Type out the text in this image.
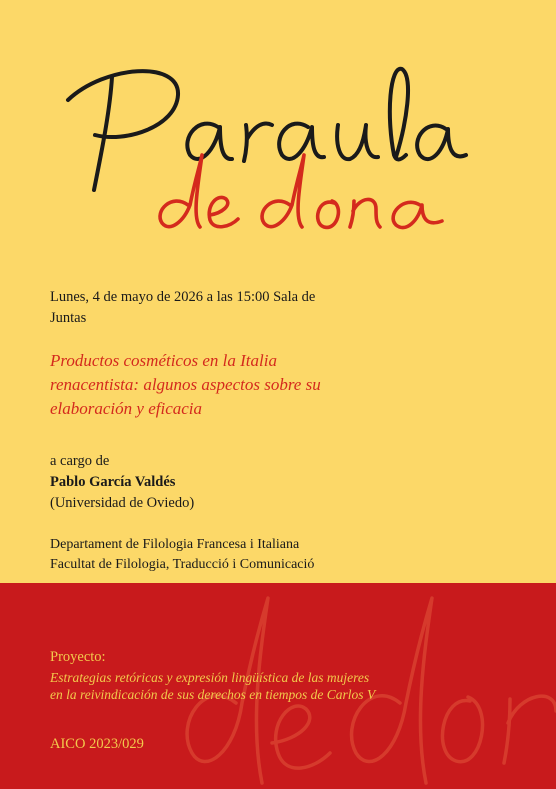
Lunes, 4 de mayo de 2026 a las 15:00 Sala de Juntas

Productos cosméticos en la Italia renacentista: algunos aspectos sobre su elaboración y eficacia

a cargo de

Pablo García Valdés

(Universidad de Oviedo)

Departament de Filologia Francesa i Italiana

Facultat de Filologia, Traducció i Comunicació

Proyecto:
Estrategias retóricas y expresión lingüística de las mujeres en la reivindicación de sus derechos en tiempos de Carlos V
AICO 2023/029
